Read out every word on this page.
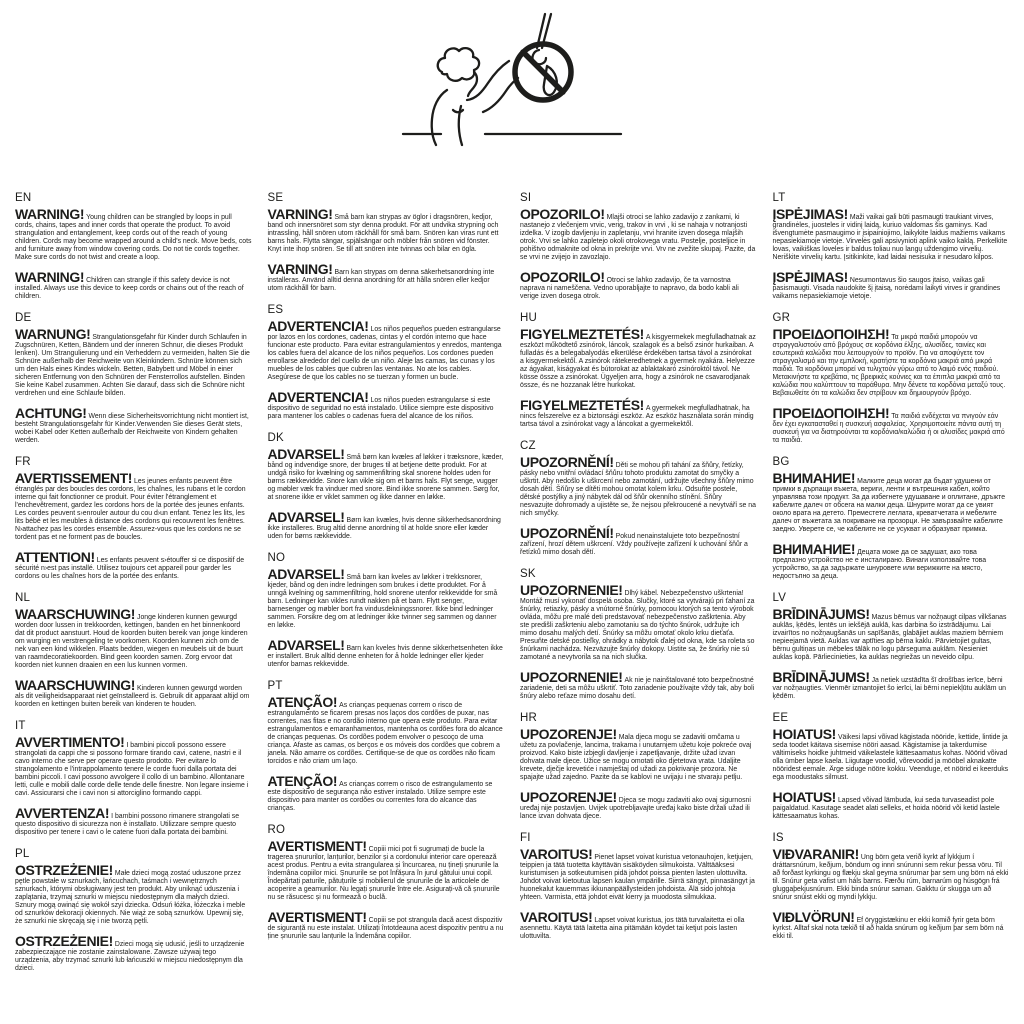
EN

WARNING! Young children can be strangled by loops in pull cords, chains, tapes and inner cords that operate the product. To avoid strangulation and entanglement, keep cords out of the reach of young children. Cords may become wrapped around a child's neck. Move beds, cots and furniture away from window covering cords. Do not tie cords together. Make sure cords do not twist and create a loop.

WARNING! Children can strangle if this safety device is not installed. Always use this device to keep cords or chains out of the reach of children.

DE

WARNUNG! Strangulationsgefahr für Kinder durch Schlaufen in Zugschnüren, Ketten, Bändern und der inneren Schnur, die dieses Produkt lenken). Um Strangulierung und ein Verheddern zu vermeiden, halten Sie die Schnüre außerhalb der Reichweite von Kleinkindern. Schnüre können sich um den Hals eines Kindes wickeln. Betten, Babybett und Möbel in einer sicheren Entfernung von den Schnüren der Fensterrollos aufstellen. Binden Sie keine Kabel zusammen. Achten Sie darauf, dass sich die Schnüre nicht verdrehen und eine Schlaufe bilden.

ACHTUNG! Wenn diese Sicherheitsvorrichtung nicht montiert ist, besteht Strangulationsgefahr für Kinder.Verwenden Sie dieses Gerät stets, wobei Kabel oder Ketten außerhalb der Reichweite von Kindern gehalten werden.

FR

AVERTISSEMENT! Les jeunes enfants peuvent être étranglés par des boucles des cordons, les chaînes, les rubans et le cordon interne qui fait fonctionner ce produit. Pour éviter l'étranglement et l'enchevêtrement, gardez les cordons hors de la portée des jeunes enfants. Les cordes peuvent s›enrouler autour du cou d›un enfant. Tenez les lits, les lits bébé et les meubles à distance des cordons qui recouvrent les fenêtres. N›attachez pas les cordes ensemble. Assurez-vous que les cordons ne se tordent pas et ne forment pas de boucles.

ATTENTION! Les enfants peuvent s›étouffer si ce dispositif de sécurité n›est pas installé. Utilisez toujours cet appareil pour garder les cordons ou les chaînes hors de la portée des enfants.

NL

WAARSCHUWING! Jonge kinderen kunnen gewurgd worden door lussen in trekkoorden, kettingen, banden en het binnenkoord dat dit product aanstuurt. Houd de koorden buiten bereik van jonge kinderen om wurging en verstrengeling te voorkomen. Koorden kunnen zich om de nek van een kind wikkelen. Plaats bedden, wiegen en meubels uit de buurt van raamdecoratiekoorden. Bind geen koorden samen. Zorg ervoor dat koorden niet kunnen draaien en een lus kunnen vormen.

WAARSCHUWING! Kinderen kunnen gewurgd worden als dit veiligheidsapparaat niet geïnstalleerd is. Gebruik dit apparaat altijd om koorden en kettingen buiten bereik van kinderen te houden.

IT

AVVERTIMENTO! I bambini piccoli possono essere strangolati da cappi che si possono formare tirando cavi, catene, nastri e il cavo interno che serve per operare questo prodotto. Per evitare lo strangolamento e l'intrappolamento tenere le corde fuori dalla portata dei bambini piccoli. I cavi possono avvolgere il collo di un bambino. Allontanare letti, culle e mobili dalle corde delle tende delle finestre. Non legare insieme i cavi. Assicurarsi che i cavi non si attorciglino formando cappi.

AVVERTENZA! I bambini possono rimanere strangolati se questo dispositivo di sicurezza non è installato. Utilizzare sempre questo dispositivo per tenere i cavi o le catene fuori dalla portata dei bambini.

PL

OSTRZEŻENIE! Małe dzieci mogą zostać uduszone przez pętle powstałe w sznurkach, łańcuchach, taśmach i wewnętrznych sznurkach, którymi obsługiwany jest ten produkt. Aby uniknąć uduszenia i zaplątania, trzymaj sznurki w miejscu niedostępnym dla małych dzieci. Sznury mogą owinąć się wokół szyi dziecka. Odsuń łóżka, łóżeczka i meble od sznurków dekoracji okiennych. Nie wiąż ze sobą sznurków. Upewnij się, że sznurki nie skręcają się i nie tworzą pętli.

OSTRZEŻENIE! Dzieci mogą się udusić, jeśli to urządzenie zabezpieczające nie zostanie zainstalowane. Zawsze używaj tego urządzenia, aby trzymać sznurki lub łańcuszki w miejscu niedostępnym dla dzieci.

SE

VARNING! Små barn kan strypas av öglor i dragsnören, kedjor, band och innersnöret som styr denna produkt. För att undvika strypning och intrassling, håll snören utom räckhåll för små barn. Snören kan viras runt ett barns hals. Flytta sängar, spjälsängar och möbler från snören vid fönster. Knyt inte ihop snören. Se till att snören inte tvinnas och bilar en ögla.

VARNING! Barn kan strypas om denna säkerhetsanordning inte installeras. Använd alltid denna anordning för att hålla snören eller kedjor utom räckhåll för barn.

ES

ADVERTENCIA! Los niños pequeños pueden estrangularse por lazos en los cordones, cadenas, cintas y el cordón interno que hace funcionar este producto. Para evitar estrangulamientos y enredos, mantenga los cables fuera del alcance de los niños pequeños. Los cordones pueden enrollarse alrededor del cuello de un niño. Aleje las camas, las cunas y los muebles de los cables que cubren las ventanas. No ate los cables. Asegúrese de que los cables no se tuerzan y formen un bucle.

ADVERTENCIA! Los niños pueden estrangularse si este dispositivo de seguridad no está instalado. Utilice siempre este dispositivo para mantener los cables o cadenas fuera del alcance de los niños.

DK

ADVARSEL! Små børn kan kvæles af løkker i træksnore, kæder, bånd og indvendige snore, der bruges til at betjene dette produkt. For at undgå risiko for kvælning og sammenfiltring skal snorene holdes uden for børns rækkevidde. Snore kan vikle sig om et barns hals. Flyt senge, vugger og møbler væk fra vinduer med snore. Bind ikke snorene sammen. Sørg for, at snorene ikke er viklet sammen og ikke danner en løkke.

ADVARSEL! Børn kan kvæles, hvis denne sikkerhedsanordning ikke installeres. Brug altid denne anordning til at holde snore eller kæder uden for børns rækkevidde.

NO

ADVARSEL! Små barn kan kveles av løkker i trekksnorer, kjeder, bånd og den indre ledningen som brukes i dette produktet. For å unngå kvelning og sammenfiltring, hold snorene utenfor rekkevidde for små barn. Ledninger kan vikles rundt nakken på et barn. Flytt senger, barnesenger og møbler bort fra vindusdekningssnorer. Ikke bind ledninger sammen. Forsikre deg om at ledninger ikke tvinner seg sammen og danner en løkke.

ADVARSEL! Barn kan kveles hvis denne sikkerhetsenheten ikke er installert. Bruk alltid denne enheten for å holde ledninger eller kjeder utenfor barnas rekkevidde.

PT

ATENÇÃO! As crianças pequenas correm o risco de estrangulamento se ficarem presas nos laços dos cordões de puxar, nas correntes, nas fitas e no cordão interno que opera este produto. Para evitar estrangulamentos e emaranhamentos, mantenha os cordões fora do alcance de crianças pequenas. Os cordões podem envolver o pescoço de uma criança. Afaste as camas, os berços e os móveis dos cordões que cobrem a janela. Não amarre os cordões. Certifique-se de que os cordões não ficam torcidos e não criam um laço.

ATENÇÃO! As crianças correm o risco de estrangulamento se este dispositivo de segurança não estiver instalado. Utilize sempre este dispositivo para manter os cordões ou correntes fora do alcance das crianças.

RO

AVERTISMENT! Copiii mici pot fi sugrumați de bucle la tragerea șnururilor, lanțurilor, benzilor și a cordonului interior care operează acest produs. Pentru a evita strangularea și încurcarea, nu țineți șnururile la îndemâna copiilor mici. Șnururile se pot înfășura în jurul gâtului unui copil. Îndepărtați paturile, pătuțurile și mobilierul de șnururile de la articolele de acoperire a geamurilor. Nu legați șnururile între ele. Asigurați-vă că șnururile nu se răsucesc și nu formează o buclă.

AVERTISMENT! Copiii se pot strangula dacă acest dispozitiv de siguranță nu este instalat. Utilizați întotdeauna acest dispozitiv pentru a nu ține șnururile sau lanțurile la îndemâna copiilor.

SI

OPOZORILO! Mlajši otroci se lahko zadavijo z zankami, ki nastanejo z vlečenjem vrvic, verig, trakov in vrvi , ki se nahaja v notranjosti izdelka. V izogib davljenju in zapletanju, vrvi hranite izven dosega mlajših otrok. Vrvi se lahko zapletejo okoli otrokovega vratu. Postelje, posteljice in pohištvo odmaknite od okna in prekrijte vrvi. Vrv ne zvežite skupaj. Pazite, da se vrvi ne zvijejo in zavozlajo.

OPOZORILO! Otroci se lahko zadavijo, če ta varnostna naprava ni nameščena. Vedno uporabljajte to napravo, da bodo kabli ali verige izven dosega otrok.

HU

FIGYELMEZTETÉS! A kisgyermekek megfulladhatnak az eszközt működtető zsinórok, láncok, szalagok és a belső zsinór hurkaiban. A fulladás és a belegabalyodás elkerülése érdekében tartsa távol a zsinórokat a kisgyermekektől. A zsinórok rátekeredhetnek a gyermek nyakára. Helyezze az ágyakat, kiságyakat és bútorokat az ablaktakaró zsinóroktól távol. Ne kösse össze a zsinórokat. Ügyeljen arra, hogy a zsinórok ne csavarodjanak össze, és ne hozzanak létre hurkokat.

FIGYELMEZTETÉS! A gyermekek megfulladhatnak, ha nincs felszerelve ez a biztonsági eszköz. Az eszköz használata során mindig tartsa távol a zsinórokat vagy a láncokat a gyermekektől.

CZ

UPOZORNĚNÍ! Děti se mohou při tahání za šňůry, řetízky, pásky nebo vnitřní ovládací šňůru tohoto produktu zamotat do smyčky a uškrtit. Aby nedošlo k uškrcení nebo zamotání, udržujte všechny šňůry mimo dosah dětí. Šňůry se dítěti mohou omotat kolem krku. Odsuňte postele, dětské postýlky a jiný nábytek dál od šňůr okenního stínění. Šňůry nesvazujte dohromady a ujistěte se, že nejsou překroucené a nevytváří se na nich smyčky.

UPOZORNĚNÍ! Pokud nenainstalujete toto bezpečnostní zařízení, hrozí dětem uškrcení. Vždy používejte zařízení k uchování šňůr a řetízků mimo dosah dětí.

SK

UPOZORNENIE! Dlhý kábel. Nebezpečenstvo uškrtenia! Montáž musí vykonať dospelá osoba. Slučky, ktoré sa vytvárajú pri ťahaní za šnúrky, retiazky, pásky a vnútorné šnúrky, pomocou ktorých sa tento výrobok ovláda, môžu pre malé deti predstavovať nebezpečenstvo zaškrtenia. Aby ste predišli zaškrteniu alebo zamotaniu sa do týchto šnúrok, udržujte ich mimo dosahu malých detí. Šnúrky sa môžu omotať okolo krku dieťaťa. Presuňte detské postieľky, ohrádky a nábytok ďalej od okna, kde sa roleta so šnúrkami nachádza. Nezväzujte šnúrky dokopy. Uistite sa, že šnúrky nie sú zamotané a nevytvorila sa na nich slučka.

UPOZORNENIE! Ak nie je nainštalované toto bezpečnostné zariadenie, deti sa môžu uškrtiť. Toto zariadenie používajte vždy tak, aby boli šnúry alebo reťaze mimo dosahu detí.

HR

UPOZORENJE! Mala djeca mogu se zadaviti omčama u užetu za povlačenje, lancima, trakama i unutarnjem užetu koje pokreće ovaj proizvod. Kako biste izbjegli davljenje i zapetljavanje, držite užad izvan dohvata male djece. Užice se mogu omotati oko djetetova vrata. Udaljite krevete, dječje krevetiće i namještaj od užadi za pokrivanje prozora. Ne spajajte užad zajedno. Pazite da se kablovi ne uvijaju i ne stvaraju petlju.

UPOZORENJE! Djeca se mogu zadaviti ako ovaj sigurnosni uređaj nije postavljen. Uvijek upotrebljavajte uređaj kako biste držali užad ili lance izvan dohvata djece.

FI

VAROITUS! Pienet lapset voivat kuristua vetonauhojen, ketjujen, teippien ja tätä tuotetta käyttävän sisäköyden silmukoista. Välttääksesi kuristumisen ja sotkeutumisen pidä johdot poissa pienten lasten ulottuvilta. Johdot voivat kietoutua lapsen kaulan ympärille. Siirrä sängyt, pinnasängyt ja huonekalut kauemmas ikkunanpäällysteiden johdoista. Älä sido johtoja yhteen. Varmista, että johdot eivät kierry ja muodosta silmukkaa.

VAROITUS! Lapset voivat kuristua, jos tätä turvalaitetta ei olla asennettu. Käytä tätä laitetta aina pitämään köydet tai ketjut pois lasten ulottuvilta.

LT

ĮSPĖJIMAS! Maži vaikai gali būti pasmaugti traukiant virves, grandinėles, juosteles ir vidinį laidą, kuriuo valdomas šis gaminys. Kad išvengtumėte pasmaugimo ir įsipainiojimo, laikykite laidus mažiems vaikams nepasiekiamoje vietoje. Virvelės gali apsivynioti aplink vaiko kaklą. Perkelkite lovas, vaikiškas loveles ir baldus toliau nuo langų uždengimo virvelių. Neriškite virvelių kartu. Įsitikinkite, kad laidai nesisuka ir nesudaro kilpos.

ĮSPĖJIMAS! Nesumontavus šio saugos įtaiso, vaikas gali pasismaugti. Visada naudokite šį įtaisą, norėdami laikyti virves ir grandines vaikams nepasiekiamoje vietoje.

GR

ΠΡΟΕΙΔΟΠΟΙΗΣΗ! Τα μικρά παιδιά μπορούν να στραγγαλιστούν από βρόχους σε κορδόνια έλξης, αλυσίδες, ταινίες και εσωτερικά καλώδια που λειτουργούν το προϊόν. Για να αποφύγετε τον στραγγαλισμό και την εμπλοκή, κρατήστε τα κορδόνια μακριά από μικρά παιδιά. Τα κορδόνια μπορεί να τυλιχτούν γύρω από το λαιμό ενός παιδιού. Μετακινήστε τα κρεβάτια, τις βρεφικές κούνιες και τα έπιπλα μακριά από τα καλώδια που καλύπτουν τα παράθυρα. Μην δένετε τα κορδόνια μεταξύ τους. Βεβαιωθείτε ότι τα καλώδια δεν στρίβουν και δημιουργούν βρόχο.

ΠΡΟΕΙΔΟΠΟΙΗΣΗ! Τα παιδιά ενδέχεται να πνιγούν εάν δεν έχει εγκατασταθεί η συσκευή ασφαλείας. Χρησιμοποιείτε πάντα αυτή τη συσκευή για να διατηρούνται τα κορδόνια/καλώδια ή οι αλυσίδες μακριά από τα παιδιά.

BG

ВНИМАНИЕ! Малките деца могат да бъдат удушени от примки в дърпащи въжета, вериги, ленти и вътрешния кабел, който управлява този продукт. За да избегнете удушаване и оплитане, дръжте кабелите далеч от обсега на малки деца. Шнурите могат да се увият около врата на детето. Преместете леглата, креватчетата и мебелите далеч от въжетата за покриване на прозорци. Не завързвайте кабелите заедно. Уверете се, че кабелите не се усукват и образуват примка.

ВНИМАНИЕ! Децата може да се задушат, ако това предпазно устройство не е инсталирано. Винаги използвайте това устройство, за да задържате шнуровете или верижките на място, недостъпно за деца.

LV

BRĪDINĀJUMS! Mazus bērnus var nožņaugt cilpas vilkšanas auklās, ķēdēs, lentēs un iekšējā auklā, kas darbina šo izstrādājumu. Lai izvairītos no nožņaugšanās un sapīšanās, glabājiet auklas maziem bērniem nepieejamā vietā. Auklas var aptīties ap bērna kaklu. Pārvietojiet gultas, bērnu gultiņas un mēbeles tālāk no logu pārseguma auklām. Nesieniet auklas kopā. Pārliecinieties, ka auklas negriežas un neveido cilpu.

BRĪDINĀJUMS! Ja netiek uzstādīta šī drošības ierīce, bērni var nožņaugties. Vienmēr izmantojiet šo ierīci, lai bērni nepiekļūtu auklām un ķēdēm.

EE

HOIATUS! Väikesi lapsi võivad kägistada nööride, kettide, lintide ja seda toodet käitava sisemise nööri aasad. Kägistamise ja takerdumise vältimiseks hoidke juhtmeid väikelastele kättesaamatus kohas. Nöörid võivad olla ümber lapse kaela. Liigutage voodid, võrevoodid ja mööbel aknakatte nööridest eemale. Ärge siduge nööre kokku. Veenduge, et nöörid ei keerduks ega moodustaks silmust.

HOIATUS! Lapsed võivad lämbuda, kui seda turvaseadist pole paigaldatud. Kasutage seadet alati selleks, et hoida nöörid või ketid lastele kättesaamatus kohas.

IS

VIÐVARANIR! Ung börn geta verið kyrkt af lykkjum í dráttarsnúrum, keðjum, böndum og innri snúrunni sem rekur þessa vöru. Til að forðast kyrkingu og flækju skal geyma snúrurnar þar sem ung börn ná ekki til. Snúrur geta vafist um háls barns. Færðu rúm, barnarúm og húsgögn frá gluggaþekjusnúrum. Ekki binda snúrur saman. Gakktu úr skugga um að snúrur snúist ekki og myndi lykkju.

VIÐLVÖRUN! Ef öryggistækinu er ekki komið fyrir geta börn kyrkst. Alltaf skal nota tækið til að halda snúrum og keðjum þar sem börn ná ekki til.
